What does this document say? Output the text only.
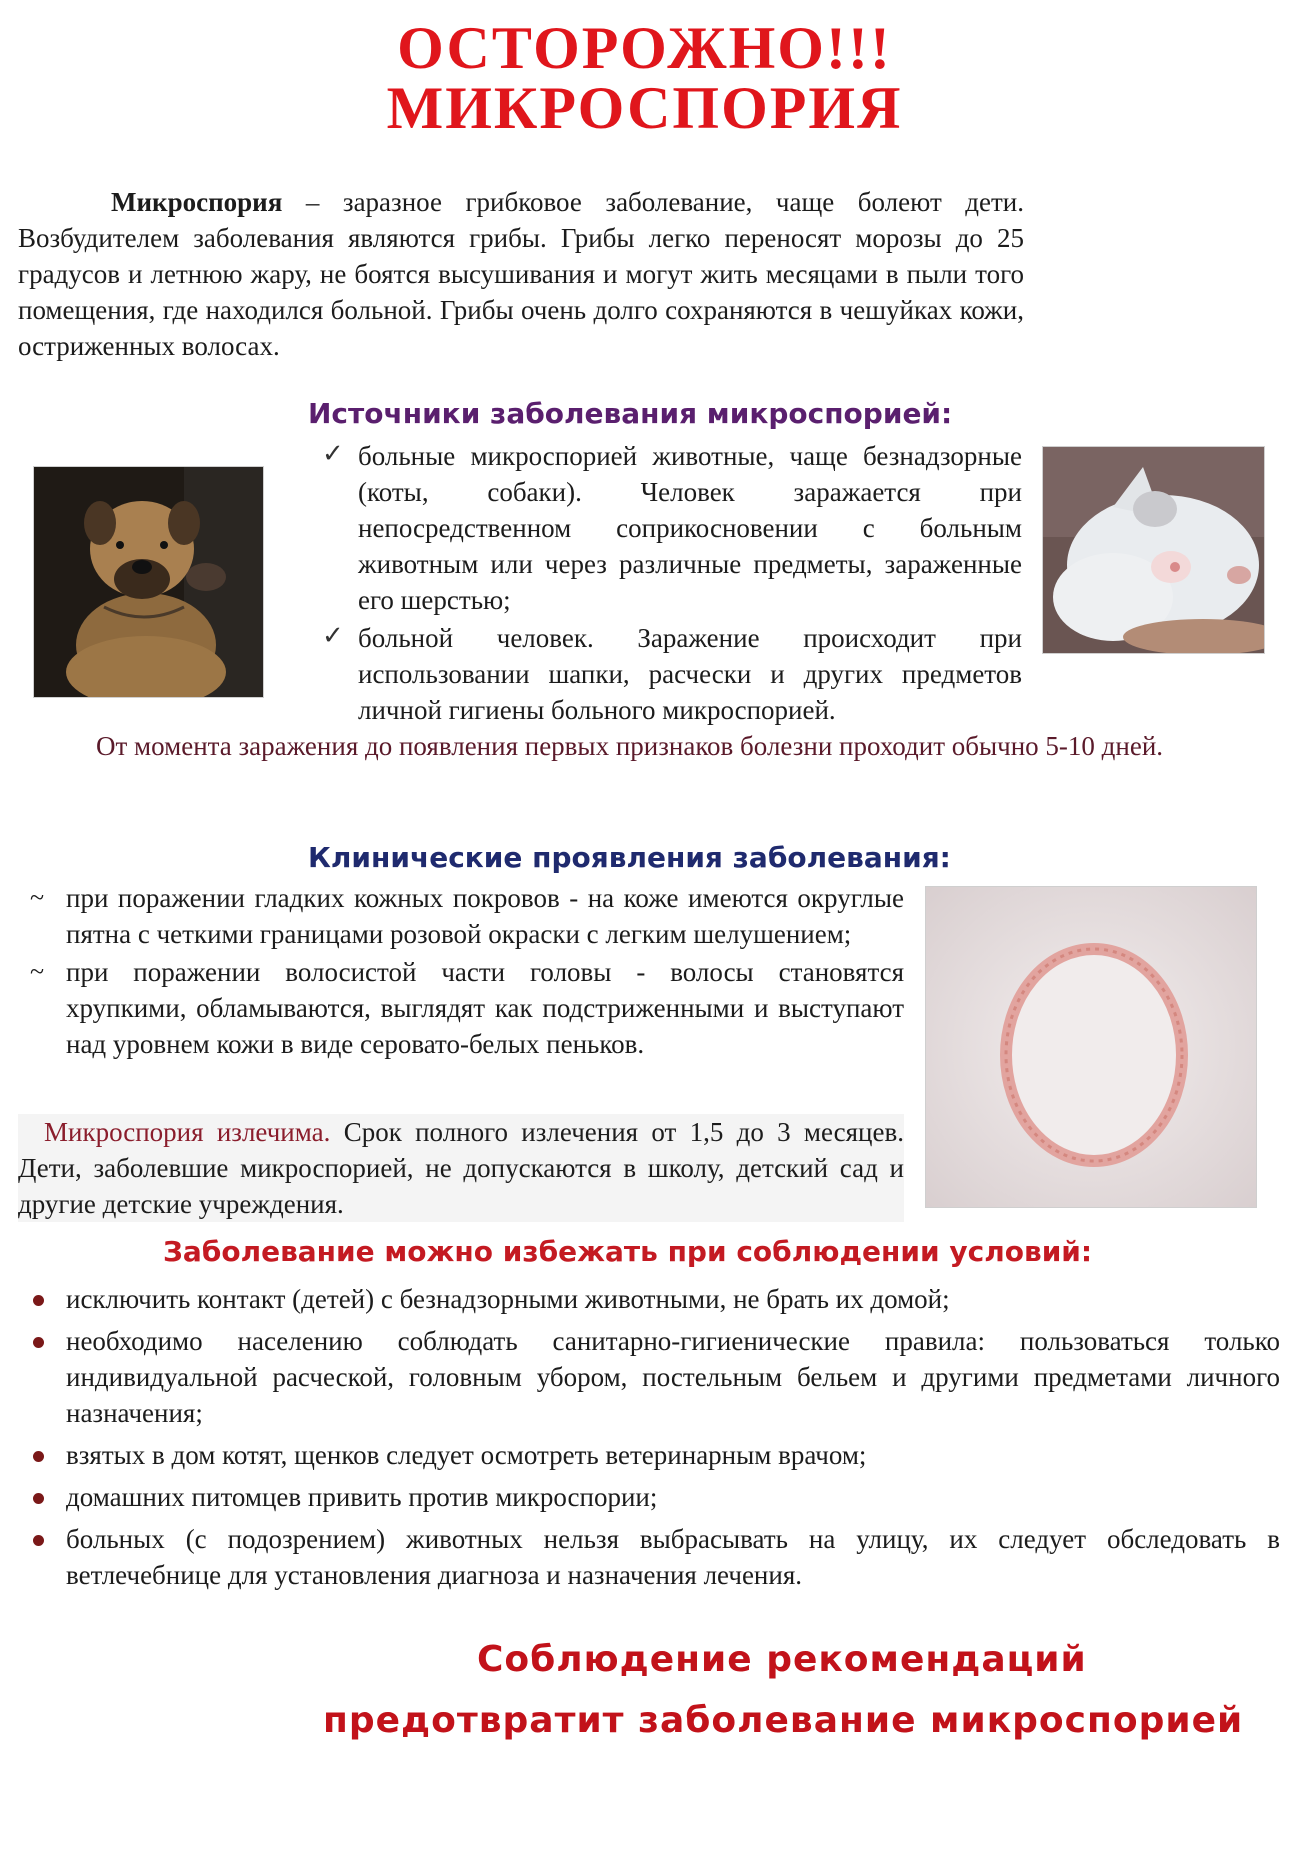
ОСТОРОЖНО!!!
МИКРОСПОРИЯ
Микроспория – заразное грибковое заболевание, чаще болеют дети. Возбудителем заболевания являются грибы. Грибы легко переносят морозы до 25 градусов и летнюю жару, не боятся высушивания и могут жить месяцами в пыли того помещения, где находился больной. Грибы очень долго сохраняются в чешуйках кожи, остриженных волосах.
Источники заболевания микроспорией:
✓ больные микроспорией животные, чаще безнадзорные (коты, собаки). Человек заражается при непосредственном соприкосновении с больным животным или через различные предметы, зараженные его шерстью;
✓ больной человек. Заражение происходит при использовании шапки, расчески и других предметов личной гигиены больного микроспорией.
От момента заражения до появления первых признаков болезни проходит обычно 5-10 дней.
Клинические проявления заболевания:
~ при поражении гладких кожных покровов - на коже имеются округлые пятна с четкими границами розовой окраски с легким шелушением;
~ при поражении волосистой части головы - волосы становятся хрупкими, обламываются, выглядят как подстриженными и выступают над уровнем кожи в виде серовато-белых пеньков.
Микроспория излечима. Срок полного излечения от 1,5 до 3 месяцев. Дети, заболевшие микроспорией, не допускаются в школу, детский сад и другие детские учреждения.
Заболевание можно избежать при соблюдении условий:
исключить контакт (детей) с безнадзорными животными, не брать их домой;
необходимо населению соблюдать санитарно-гигиенические правила: пользоваться только индивидуальной расческой, головным убором, постельным бельем и другими предметами личного назначения;
взятых в дом котят, щенков следует осмотреть ветеринарным врачом;
домашних питомцев привить против микроспории;
больных (с подозрением) животных нельзя выбрасывать на улицу, их следует обследовать в ветлечебнице для установления диагноза и назначения лечения.
Соблюдение рекомендаций
предотвратит заболевание микроспорией
